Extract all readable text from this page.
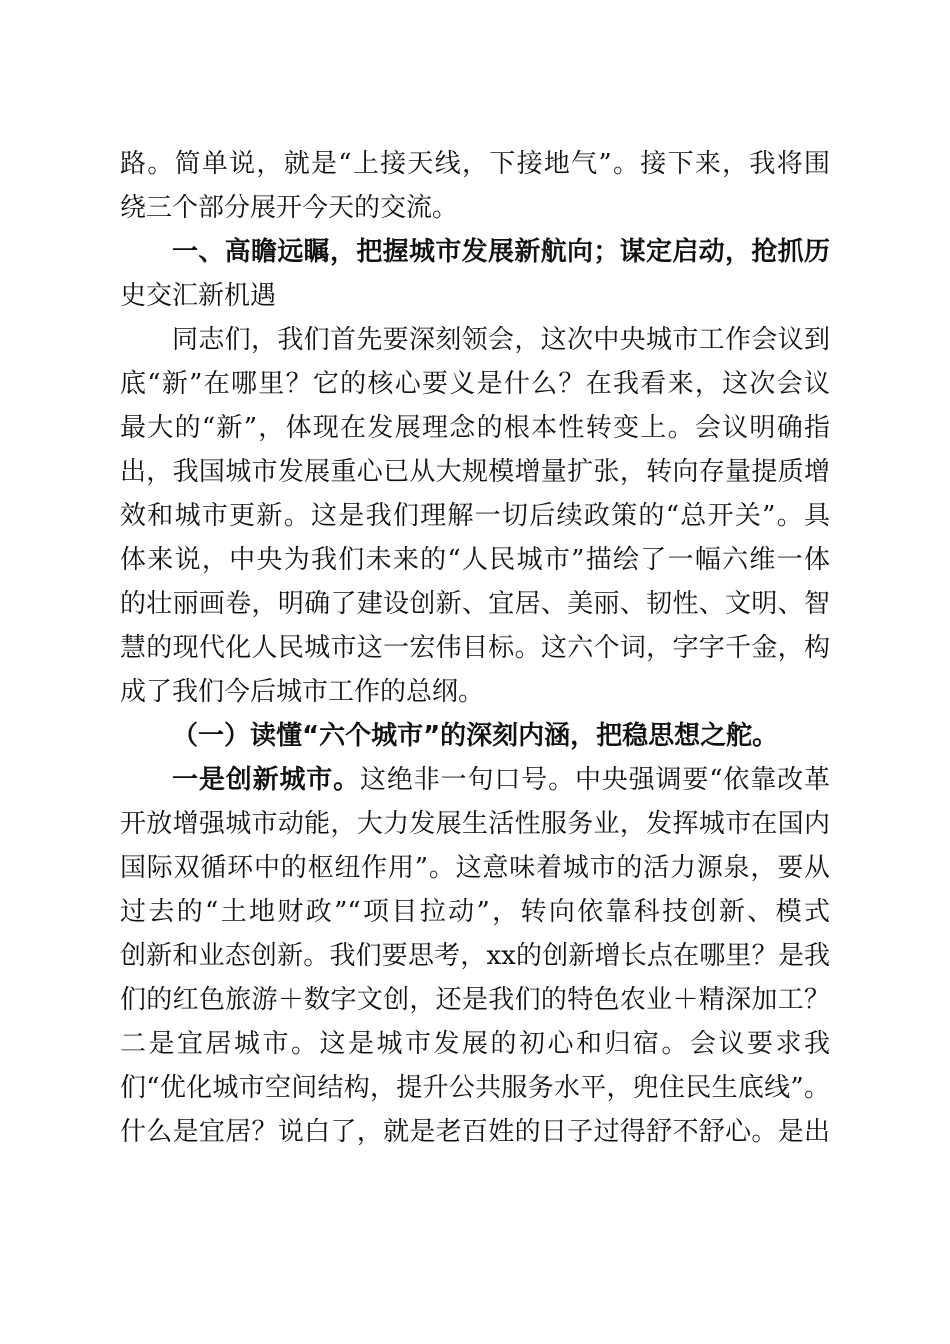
路。简单说，就是“上接天线，下接地气”。接下来，我将围
绕三个部分展开今天的交流。
一、高瞻远瞩，把握城市发展新航向；谋定启动，抢抓历
史交汇新机遇
同志们，我们首先要深刻领会，这次中央城市工作会议到
底“新”在哪里？它的核心要义是什么？在我看来，这次会议
最大的“新”，体现在发展理念的根本性转变上。会议明确指
出，我国城市发展重心已从大规模增量扩张，转向存量提质增
效和城市更新。这是我们理解一切后续政策的“总开关”。具
体来说，中央为我们未来的“人民城市”描绘了一幅六维一体
的壮丽画卷，明确了建设创新、宜居、美丽、韧性、文明、智
慧的现代化人民城市这一宏伟目标。这六个词，字字千金，构
成了我们今后城市工作的总纲。
（一）读懂“六个城市”的深刻内涵，把稳思想之舵。
一是创新城市。这绝非一句口号。中央强调要“依靠改革
开放增强城市动能，大力发展生活性服务业，发挥城市在国内
国际双循环中的枢纽作用”。这意味着城市的活力源泉，要从
过去的“土地财政”“项目拉动”，转向依靠科技创新、模式
创新和业态创新。我们要思考，xx的创新增长点在哪里？是我
们的红色旅游＋数字文创，还是我们的特色农业＋精深加工？
二是宜居城市。这是城市发展的初心和归宿。会议要求我
们“优化城市空间结构，提升公共服务水平，兜住民生底线”。
什么是宜居？说白了，就是老百姓的日子过得舒不舒心。是出
